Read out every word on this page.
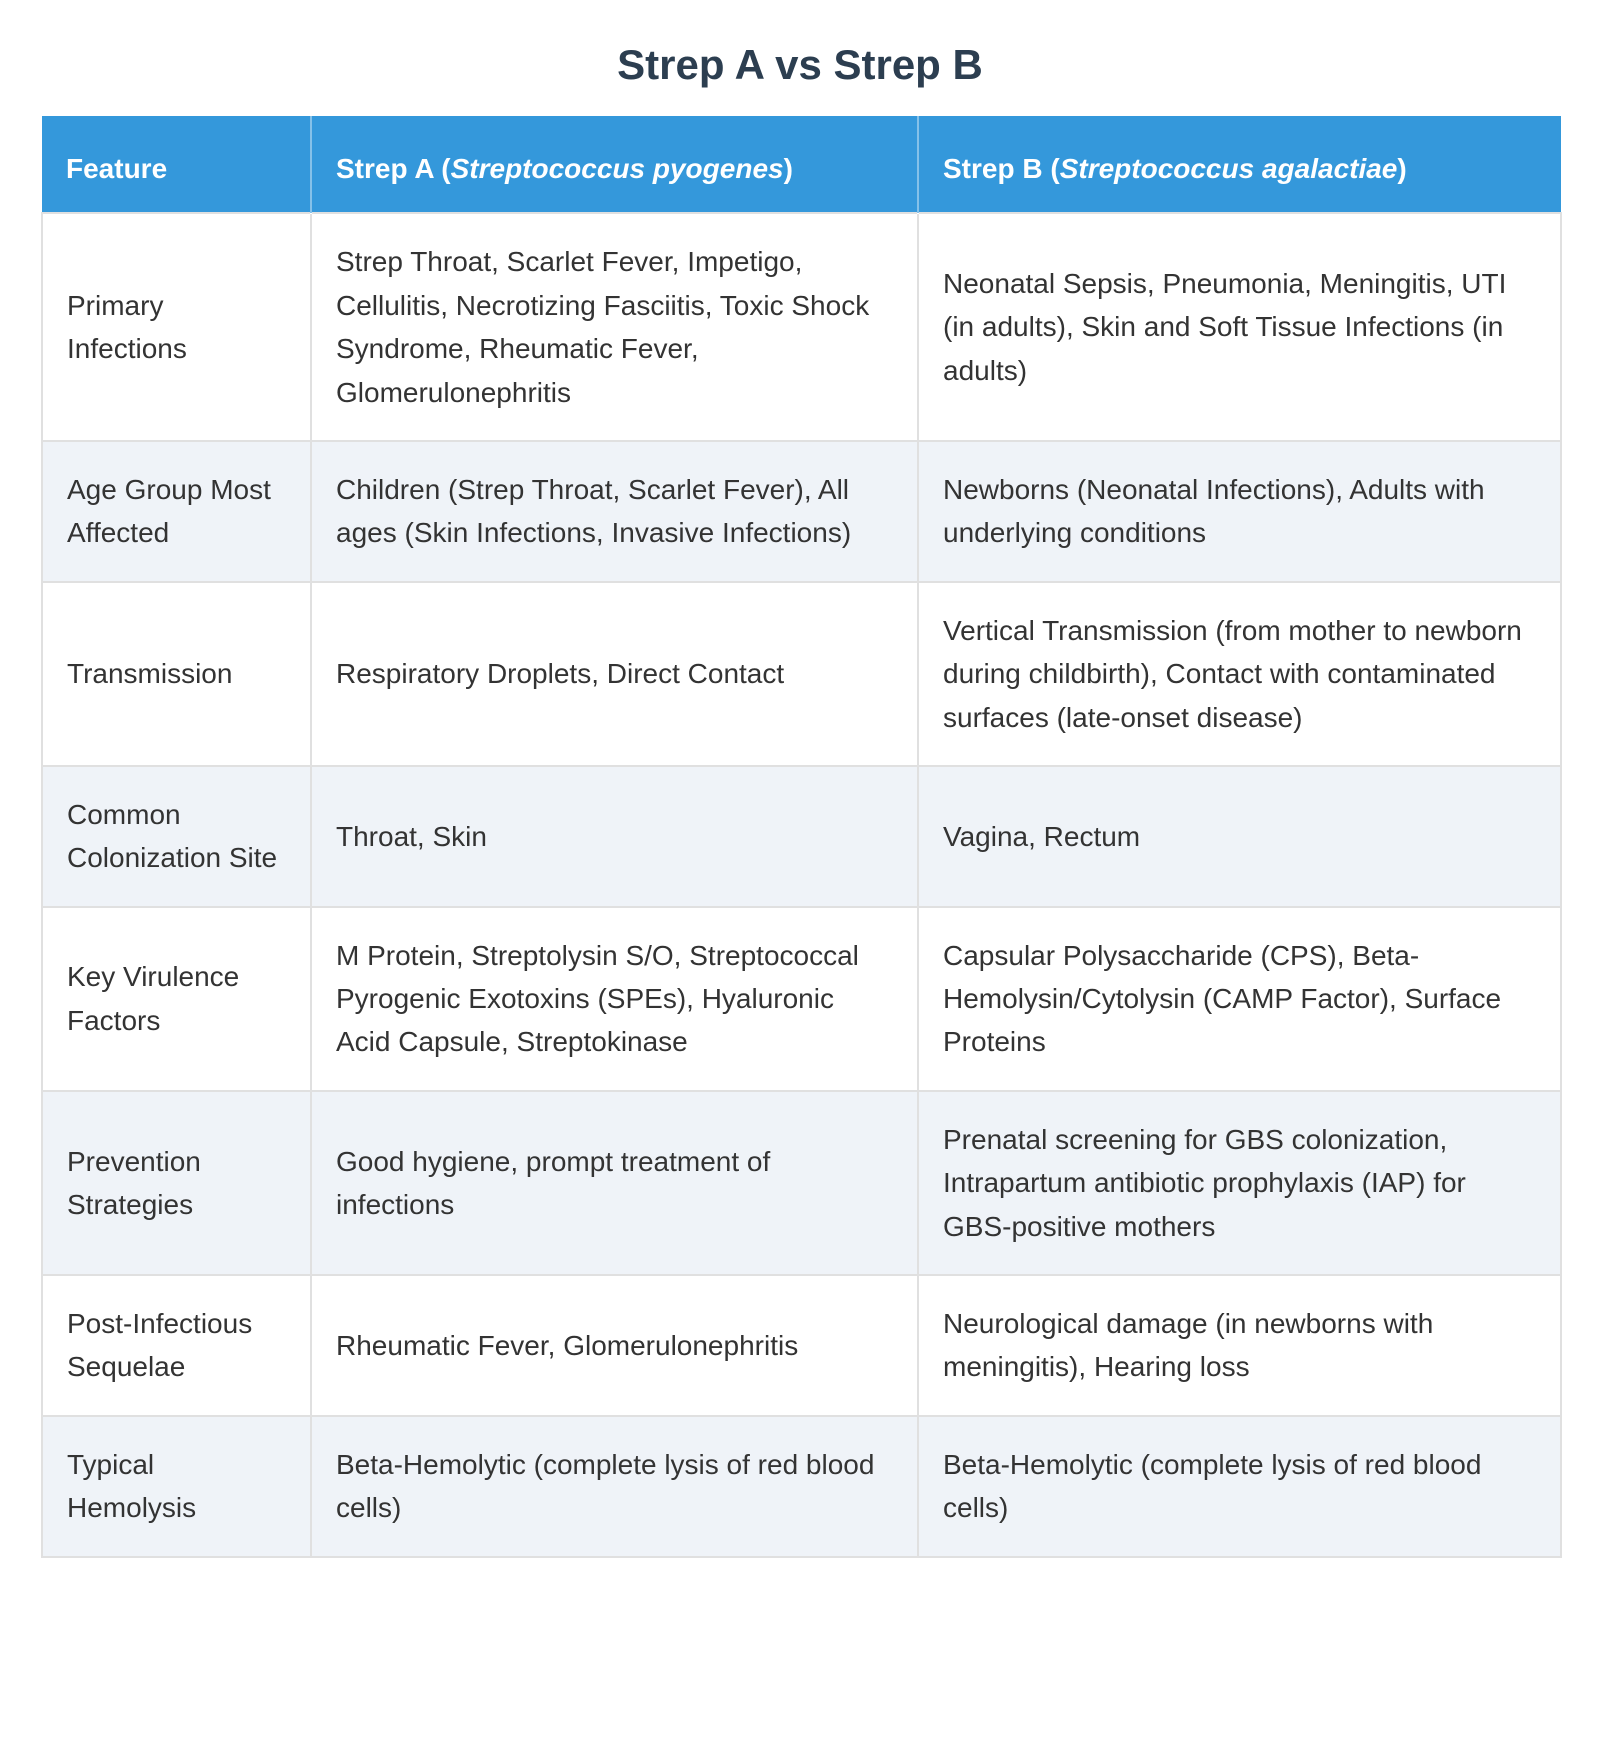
Strep A vs Strep B
Feature	Strep A (Streptococcus pyogenes)	Strep B (Streptococcus agalactiae)
Primary Infections	Strep Throat, Scarlet Fever, Impetigo, Cellulitis, Necrotizing Fasciitis, Toxic Shock Syndrome, Rheumatic Fever, Glomerulonephritis	Neonatal Sepsis, Pneumonia, Meningitis, UTI (in adults), Skin and Soft Tissue Infections (in adults)
Age Group Most Affected	Children (Strep Throat, Scarlet Fever), All ages (Skin Infections, Invasive Infections)	Newborns (Neonatal Infections), Adults with underlying conditions
Transmission	Respiratory Droplets, Direct Contact	Vertical Transmission (from mother to newborn during childbirth), Contact with contaminated surfaces (late-onset disease)
Common Colonization Site	Throat, Skin	Vagina, Rectum
Key Virulence Factors	M Protein, Streptolysin S/O, Streptococcal Pyrogenic Exotoxins (SPEs), Hyaluronic Acid Capsule, Streptokinase	Capsular Polysaccharide (CPS), Beta-Hemolysin/Cytolysin (CAMP Factor), Surface Proteins
Prevention Strategies	Good hygiene, prompt treatment of infections	Prenatal screening for GBS colonization, Intrapartum antibiotic prophylaxis (IAP) for GBS-positive mothers
Post-Infectious Sequelae	Rheumatic Fever, Glomerulonephritis	Neurological damage (in newborns with meningitis), Hearing loss
Typical Hemolysis	Beta-Hemolytic (complete lysis of red blood cells)	Beta-Hemolytic (complete lysis of red blood cells)
